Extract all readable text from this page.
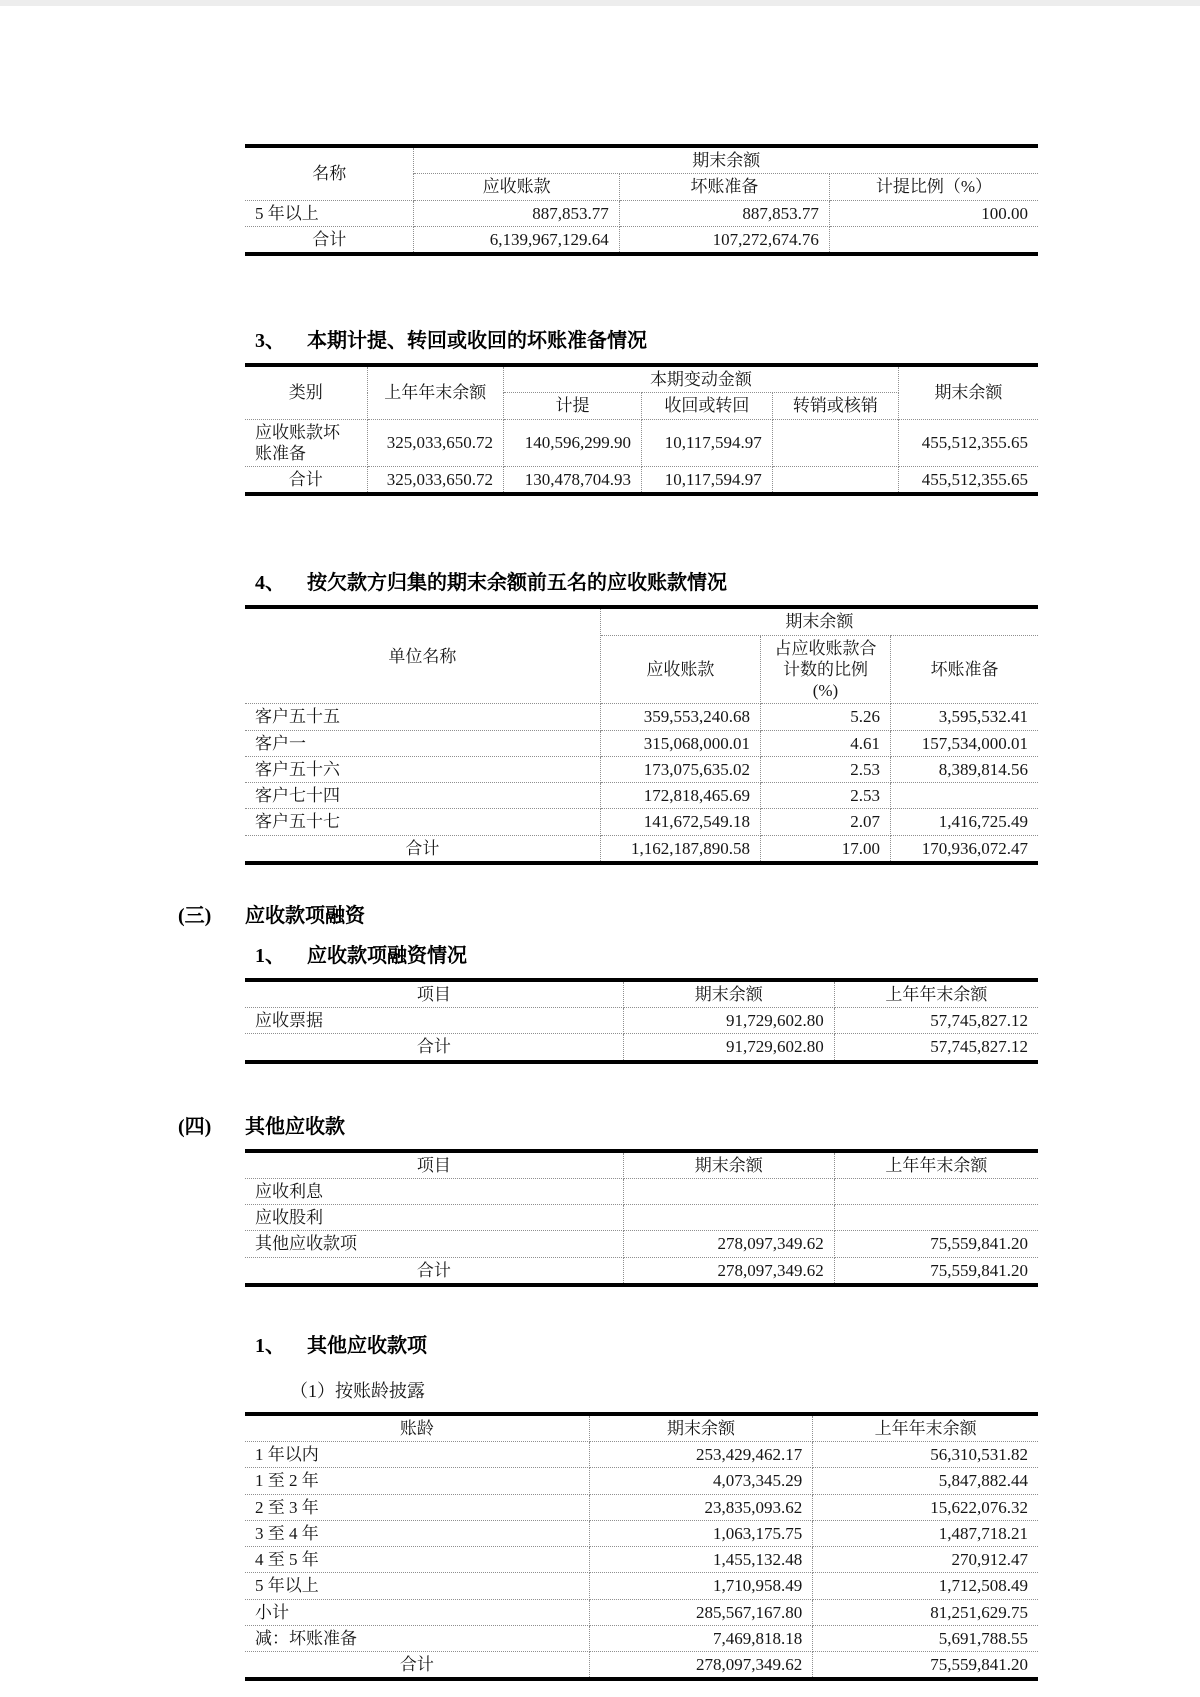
名称	期末余额		
	应收账款	坏账准备	计提比例（%）
5 年以上	887,853.77	887,853.77	100.00
合计	6,139,967,129.64	107,272,674.76	
3、	本期计提、转回或收回的坏账准备情况
类别	上年年末余额	本期变动金额			期末余额
		计提	收回或转回	转销或核销	
应收账款坏账准备	325,033,650.72	140,596,299.90	10,117,594.97		455,512,355.65
合计	325,033,650.72	130,478,704.93	10,117,594.97		455,512,355.65
4、	按欠款方归集的期末余额前五名的应收账款情况
单位名称	期末余额		
	应收账款	占应收账款合计数的比例(%)	坏账准备
客户五十五	359,553,240.68	5.26	3,595,532.41
客户一	315,068,000.01	4.61	157,534,000.01
客户五十六	173,075,635.02	2.53	8,389,814.56
客户七十四	172,818,465.69	2.53	
客户五十七	141,672,549.18	2.07	1,416,725.49
合计	1,162,187,890.58	17.00	170,936,072.47
(三)	应收款项融资
1、	应收款项融资情况
项目	期末余额	上年年末余额
应收票据	91,729,602.80	57,745,827.12
合计	91,729,602.80	57,745,827.12
(四)	其他应收款
项目	期末余额	上年年末余额
应收利息		
应收股利		
其他应收款项	278,097,349.62	75,559,841.20
合计	278,097,349.62	75,559,841.20
1、	其他应收款项
（1）按账龄披露
账龄	期末余额	上年年末余额
1 年以内	253,429,462.17	56,310,531.82
1 至 2 年	4,073,345.29	5,847,882.44
2 至 3 年	23,835,093.62	15,622,076.32
3 至 4 年	1,063,175.75	1,487,718.21
4 至 5 年	1,455,132.48	270,912.47
5 年以上	1,710,958.49	1,712,508.49
小计	285,567,167.80	81,251,629.75
减：坏账准备	7,469,818.18	5,691,788.55
合计	278,097,349.62	75,559,841.20
